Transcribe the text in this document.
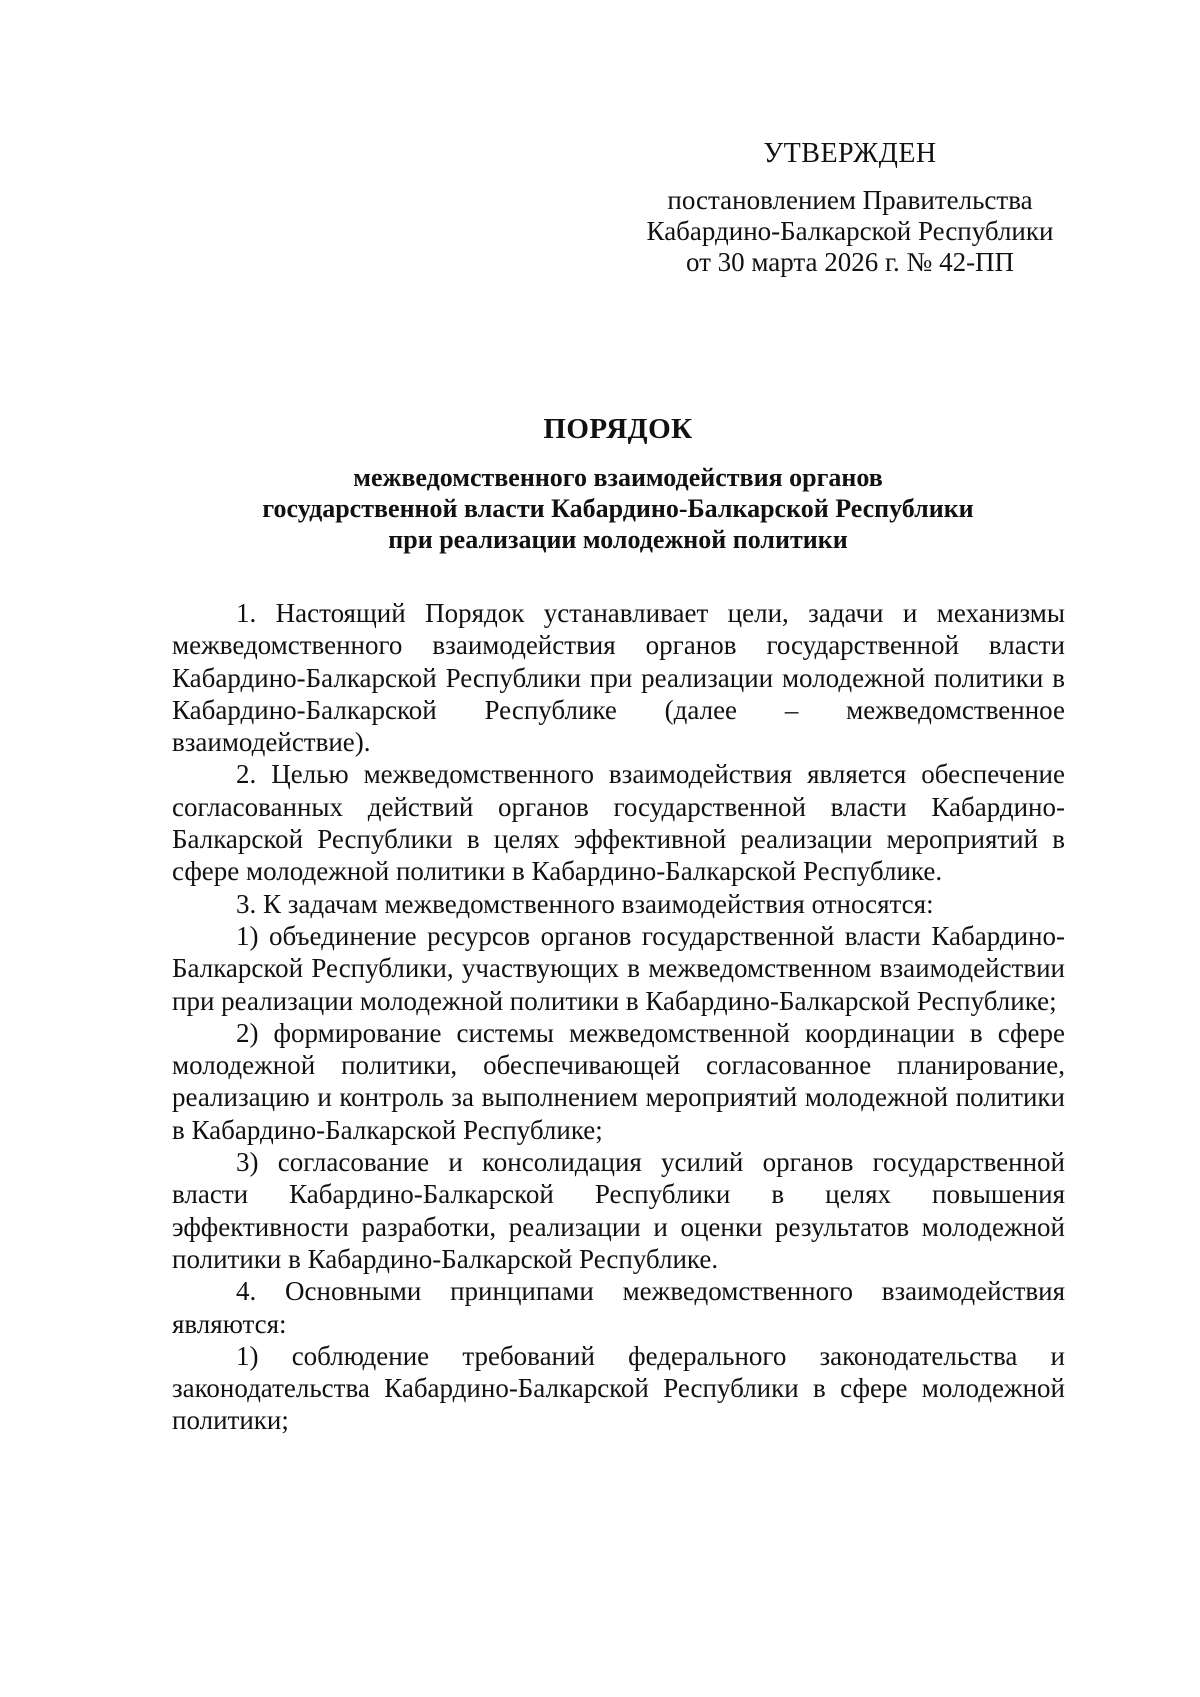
УТВЕРЖДЕН
постановлением Правительства
Кабардино-Балкарской Республики
от 30 марта 2026 г. № 42-ПП
ПОРЯДОК
межведомственного взаимодействия органов
государственной власти Кабардино-Балкарской Республики
при реализации молодежной политики

1. Настоящий Порядок устанавливает цели, задачи и механизмы межведомственного взаимодействия органов государственной власти Кабардино-Балкарской Республики при реализации молодежной политики в Кабардино-Балкарской Республике (далее – межведомственное взаимодействие).

2. Целью межведомственного взаимодействия является обеспечение согласованных действий органов государственной власти Кабардино-Балкарской Республики в целях эффективной реализации мероприятий в сфере молодежной политики в Кабардино-Балкарской Республике.

3. К задачам межведомственного взаимодействия относятся:

1) объединение ресурсов органов государственной власти Кабардино-Балкарской Республики, участвующих в межведомственном взаимодействии при реализации молодежной политики в Кабардино-Балкарской Республике;

2) формирование системы межведомственной координации в сфере молодежной политики, обеспечивающей согласованное планирование, реализацию и контроль за выполнением мероприятий молодежной политики в Кабардино-Балкарской Республике;

3) согласование и консолидация усилий органов государственной власти Кабардино-Балкарской Республики в целях повышения эффективности разработки, реализации и оценки результатов молодежной политики в Кабардино-Балкарской Республике.

4. Основными принципами межведомственного взаимодействия являются:

1) соблюдение требований федерального законодательства и законодательства Кабардино-Балкарской Республики в сфере молодежной политики;
